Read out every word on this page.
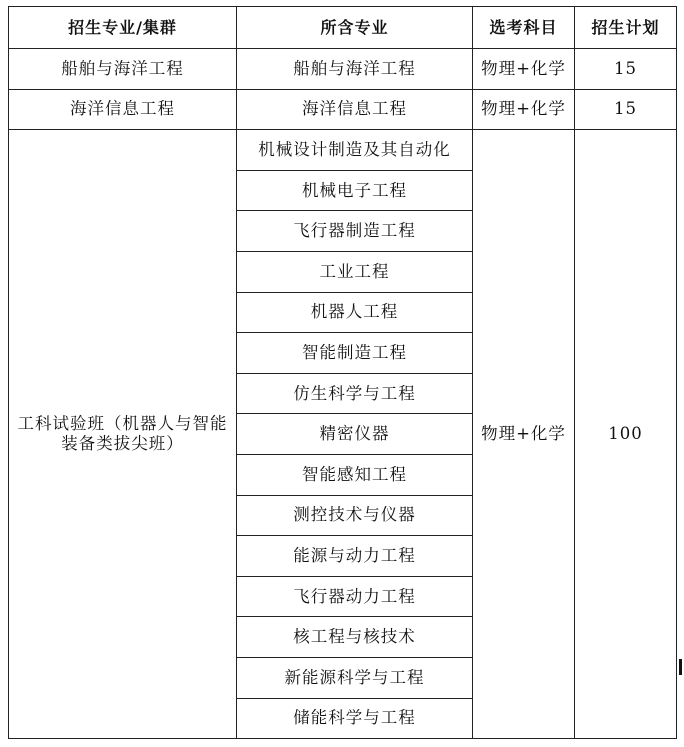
招生专业/集群	所含专业	选考科目	招生计划
船舶与海洋工程	船舶与海洋工程	物理+化学	15
海洋信息工程	海洋信息工程	物理+化学	15
工科试验班（机器人与智能装备类拔尖班）	机械设计制造及其自动化	物理+化学	100
	机械电子工程		
	飞行器制造工程		
	工业工程		
	机器人工程		
	智能制造工程		
	仿生科学与工程		
	精密仪器		
	智能感知工程		
	测控技术与仪器		
	能源与动力工程		
	飞行器动力工程		
	核工程与核技术		
	新能源科学与工程		
	储能科学与工程		
